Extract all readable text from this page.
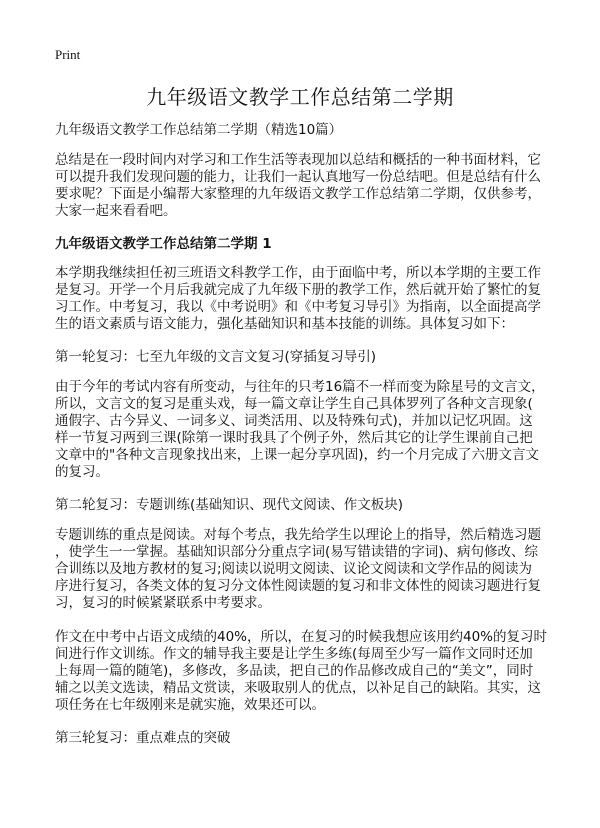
Print
九年级语文教学工作总结第二学期
九年级语文教学工作总结第二学期（精选10篇）
总结是在一段时间内对学习和工作生活等表现加以总结和概括的一种书面材料，它
可以提升我们发现问题的能力，让我们一起认真地写一份总结吧。但是总结有什么
要求呢？下面是小编帮大家整理的九年级语文教学工作总结第二学期，仅供参考，
大家一起来看看吧。
九年级语文教学工作总结第二学期 1
本学期我继续担任初三班语文科教学工作，由于面临中考，所以本学期的主要工作
是复习。开学一个月后我就完成了九年级下册的教学工作，然后就开始了繁忙的复
习工作。中考复习，我以《中考说明》和《中考复习导引》为指南，以全面提高学
生的语文素质与语文能力，强化基础知识和基本技能的训练。具体复习如下：
第一轮复习：七至九年级的文言文复习(穿插复习导引)
由于今年的考试内容有所变动，与往年的只考16篇不一样而变为除星号的文言文，
所以，文言文的复习是重头戏，每一篇文章让学生自己具体罗列了各种文言现象(
通假字、古今异义、一词多义、词类活用、以及特殊句式)，并加以记忆巩固。这
样一节复习两到三课(除第一课时我具了个例子外，然后其它的让学生课前自己把
文章中的"各种文言现象找出来，上课一起分享巩固)，约一个月完成了六册文言文
的复习。
第二轮复习：专题训练(基础知识、现代文阅读、作文板块)
专题训练的重点是阅读。对每个考点，我先给学生以理论上的指导，然后精选习题
，使学生一一掌握。基础知识部分分重点字词(易写错读错的字词)、病句修改、综
合训练以及地方教材的复习;阅读以说明文阅读、议论文阅读和文学作品的阅读为
序进行复习，各类文体的复习分文体性阅读题的复习和非文体性的阅读习题进行复
习，复习的时候紧紧联系中考要求。
作文在中考中占语文成绩的40%，所以，在复习的时候我想应该用约40%的复习时
间进行作文训练。作文的辅导我主要是让学生多练(每周至少写一篇作文同时还加
上每周一篇的随笔)，多修改，多品读，把自己的作品修改成自己的“美文”，同时
辅之以美文选读，精品文赏读，来吸取别人的优点，以补足自己的缺陷。其实，这
项任务在七年级刚来是就实施，效果还可以。
第三轮复习：重点难点的突破
